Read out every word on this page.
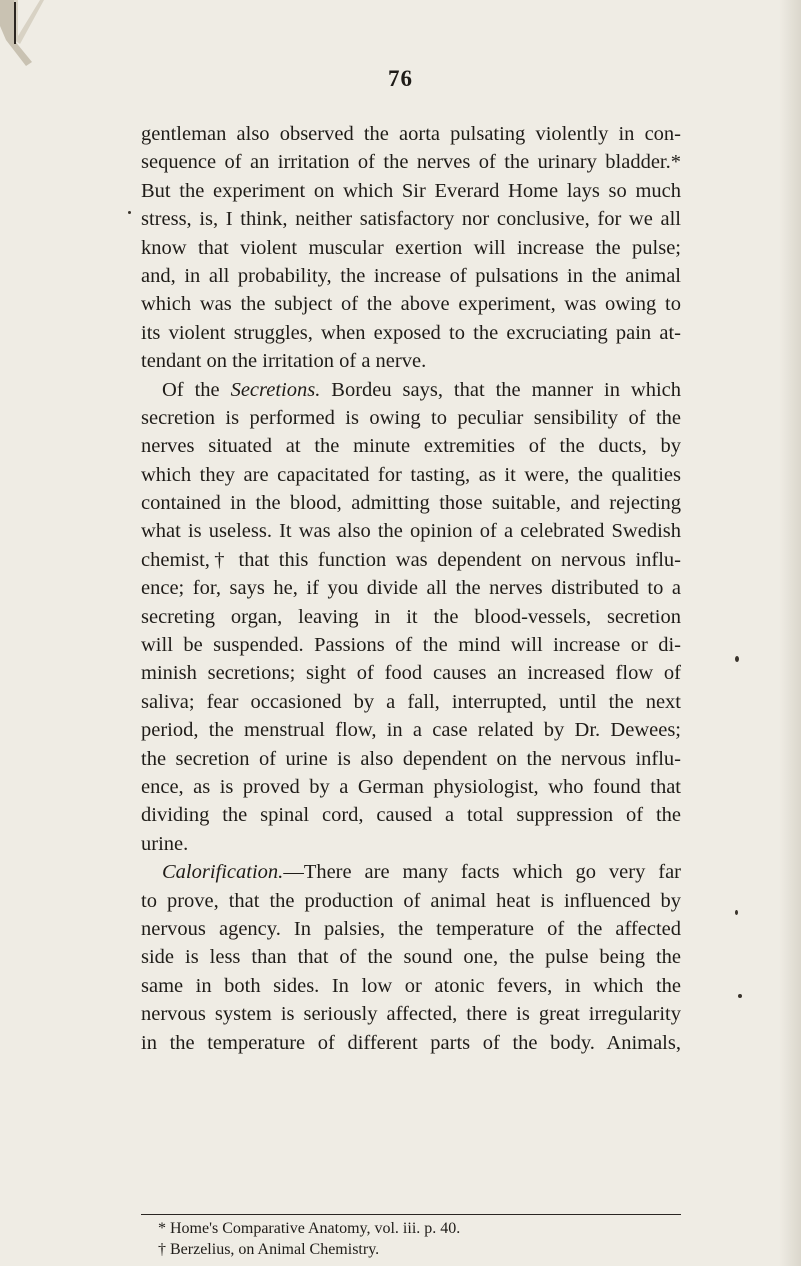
76
gentleman also observed the aorta pulsating violently in con-
sequence of an irritation of the nerves of the urinary bladder.*
But the experiment on which Sir Everard Home lays so much
stress, is, I think, neither satisfactory nor conclusive, for we all
know that violent muscular exertion will increase the pulse;
and, in all probability, the increase of pulsations in the animal
which was the subject of the above experiment, was owing to
its violent struggles, when exposed to the excruciating pain at-
tendant on the irritation of a nerve.
Of the Secretions. Bordeu says, that the manner in which
secretion is performed is owing to peculiar sensibility of the
nerves situated at the minute extremities of the ducts, by
which they are capacitated for tasting, as it were, the qualities
contained in the blood, admitting those suitable, and rejecting
what is useless. It was also the opinion of a celebrated Swedish
chemist,† that this function was dependent on nervous influ-
ence; for, says he, if you divide all the nerves distributed to a
secreting organ, leaving in it the blood-vessels, secretion
will be suspended. Passions of the mind will increase or di-
minish secretions; sight of food causes an increased flow of
saliva; fear occasioned by a fall, interrupted, until the next
period, the menstrual flow, in a case related by Dr. Dewees;
the secretion of urine is also dependent on the nervous influ-
ence, as is proved by a German physiologist, who found that
dividing the spinal cord, caused a total suppression of the
urine.
Calorification.—There are many facts which go very far
to prove, that the production of animal heat is influenced by
nervous agency. In palsies, the temperature of the affected
side is less than that of the sound one, the pulse being the
same in both sides. In low or atonic fevers, in which the
nervous system is seriously affected, there is great irregularity
in the temperature of different parts of the body. Animals,
* Home's Comparative Anatomy, vol. iii. p. 40.
† Berzelius, on Animal Chemistry.
